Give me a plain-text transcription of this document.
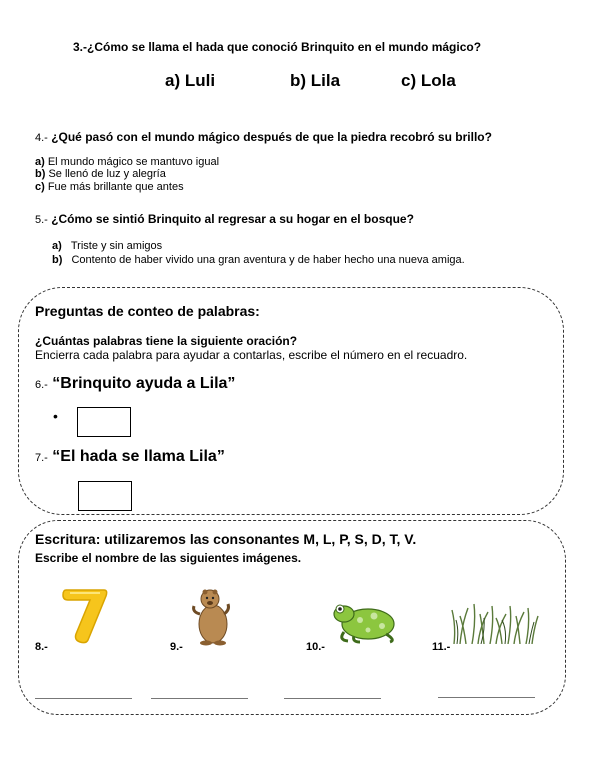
3.-¿Cómo se llama el hada que conoció Brinquito en el mundo mágico?
a) Luli	b) Lila	c) Lola
4.- ¿Qué pasó con el mundo mágico después de que la piedra recobró su brillo?
a) El mundo mágico se mantuvo igual
b) Se llenó de luz y alegría
c) Fue más brillante que antes
5.- ¿Cómo se sintió Brinquito al regresar a su hogar en el bosque?
a) Triste y sin amigos
b) Contento de haber vivido una gran aventura y de haber hecho una nueva amiga.
Preguntas de conteo de palabras:
¿Cuántas palabras tiene la siguiente oración?
Encierra cada palabra para ayudar a contarlas, escribe el número en el recuadro.
6.- “Brinquito ayuda a Lila”
•
7.- “El hada se llama Lila”
Escritura: utilizaremos las consonantes M, L, P, S, D, T, V.
Escribe el nombre de las siguientes imágenes.
8.-	9.-	10.-	11.-
